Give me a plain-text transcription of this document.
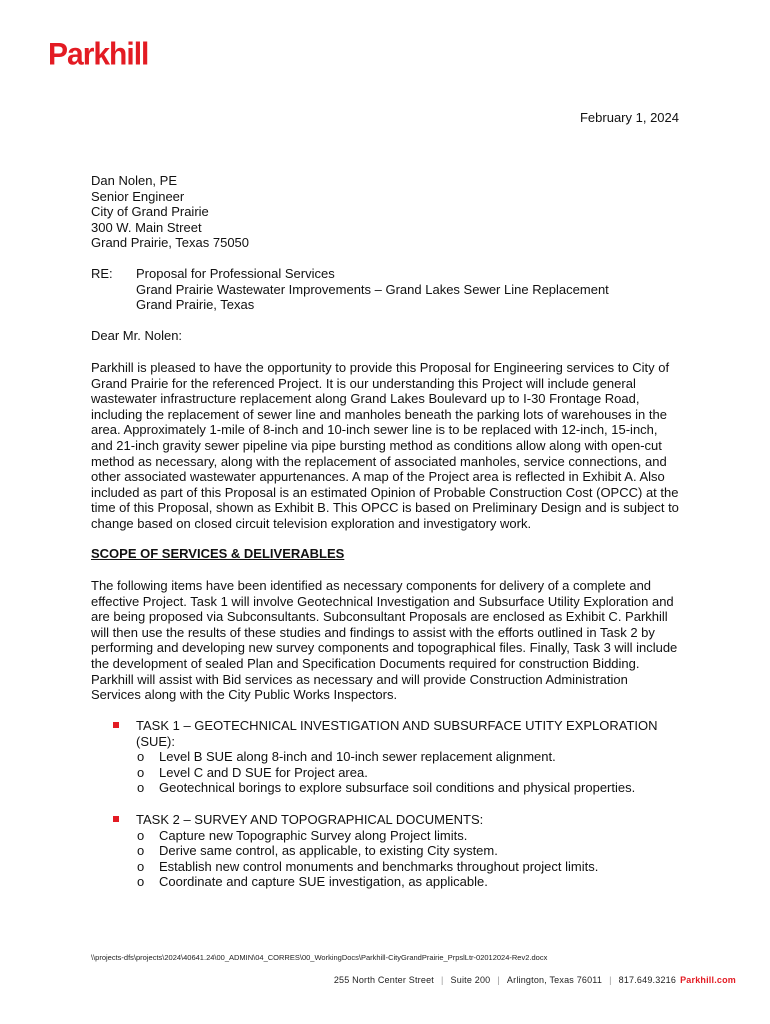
Parkhill
February 1, 2024
Dan Nolen, PE
Senior Engineer
City of Grand Prairie
300 W. Main Street
Grand Prairie, Texas 75050
RE:	Proposal for Professional Services
Grand Prairie Wastewater Improvements – Grand Lakes Sewer Line Replacement
Grand Prairie, Texas
Dear Mr. Nolen:
Parkhill is pleased to have the opportunity to provide this Proposal for Engineering services to City of Grand Prairie for the referenced Project. It is our understanding this Project will include general wastewater infrastructure replacement along Grand Lakes Boulevard up to I-30 Frontage Road, including the replacement of sewer line and manholes beneath the parking lots of warehouses in the area. Approximately 1-mile of 8-inch and 10-inch sewer line is to be replaced with 12-inch, 15-inch, and 21-inch gravity sewer pipeline via pipe bursting method as conditions allow along with open-cut method as necessary, along with the replacement of associated manholes, service connections, and other associated wastewater appurtenances. A map of the Project area is reflected in Exhibit A. Also included as part of this Proposal is an estimated Opinion of Probable Construction Cost (OPCC) at the time of this Proposal, shown as Exhibit B. This OPCC is based on Preliminary Design and is subject to change based on closed circuit television exploration and investigatory work.
SCOPE OF SERVICES & DELIVERABLES
The following items have been identified as necessary components for delivery of a complete and effective Project. Task 1 will involve Geotechnical Investigation and Subsurface Utility Exploration and are being proposed via Subconsultants. Subconsultant Proposals are enclosed as Exhibit C. Parkhill will then use the results of these studies and findings to assist with the efforts outlined in Task 2 by performing and developing new survey components and topographical files. Finally, Task 3 will include the development of sealed Plan and Specification Documents required for construction Bidding. Parkhill will assist with Bid services as necessary and will provide Construction Administration Services along with the City Public Works Inspectors.
TASK 1 – GEOTECHNICAL INVESTIGATION AND SUBSURFACE UTITY EXPLORATION (SUE):
o Level B SUE along 8-inch and 10-inch sewer replacement alignment.
o Level C and D SUE for Project area.
o Geotechnical borings to explore subsurface soil conditions and physical properties.
TASK 2 – SURVEY AND TOPOGRAPHICAL DOCUMENTS:
o Capture new Topographic Survey along Project limits.
o Derive same control, as applicable, to existing City system.
o Establish new control monuments and benchmarks throughout project limits.
o Coordinate and capture SUE investigation, as applicable.
\\projects-dfs\projects\2024\40641.24\00_ADMIN\04_CORRES\00_WorkingDocs\Parkhill-CityGrandPrairie_PrpslLtr-02012024-Rev2.docx
255 North Center Street | Suite 200 | Arlington, Texas 76011 | 817.649.3216 Parkhill.com
